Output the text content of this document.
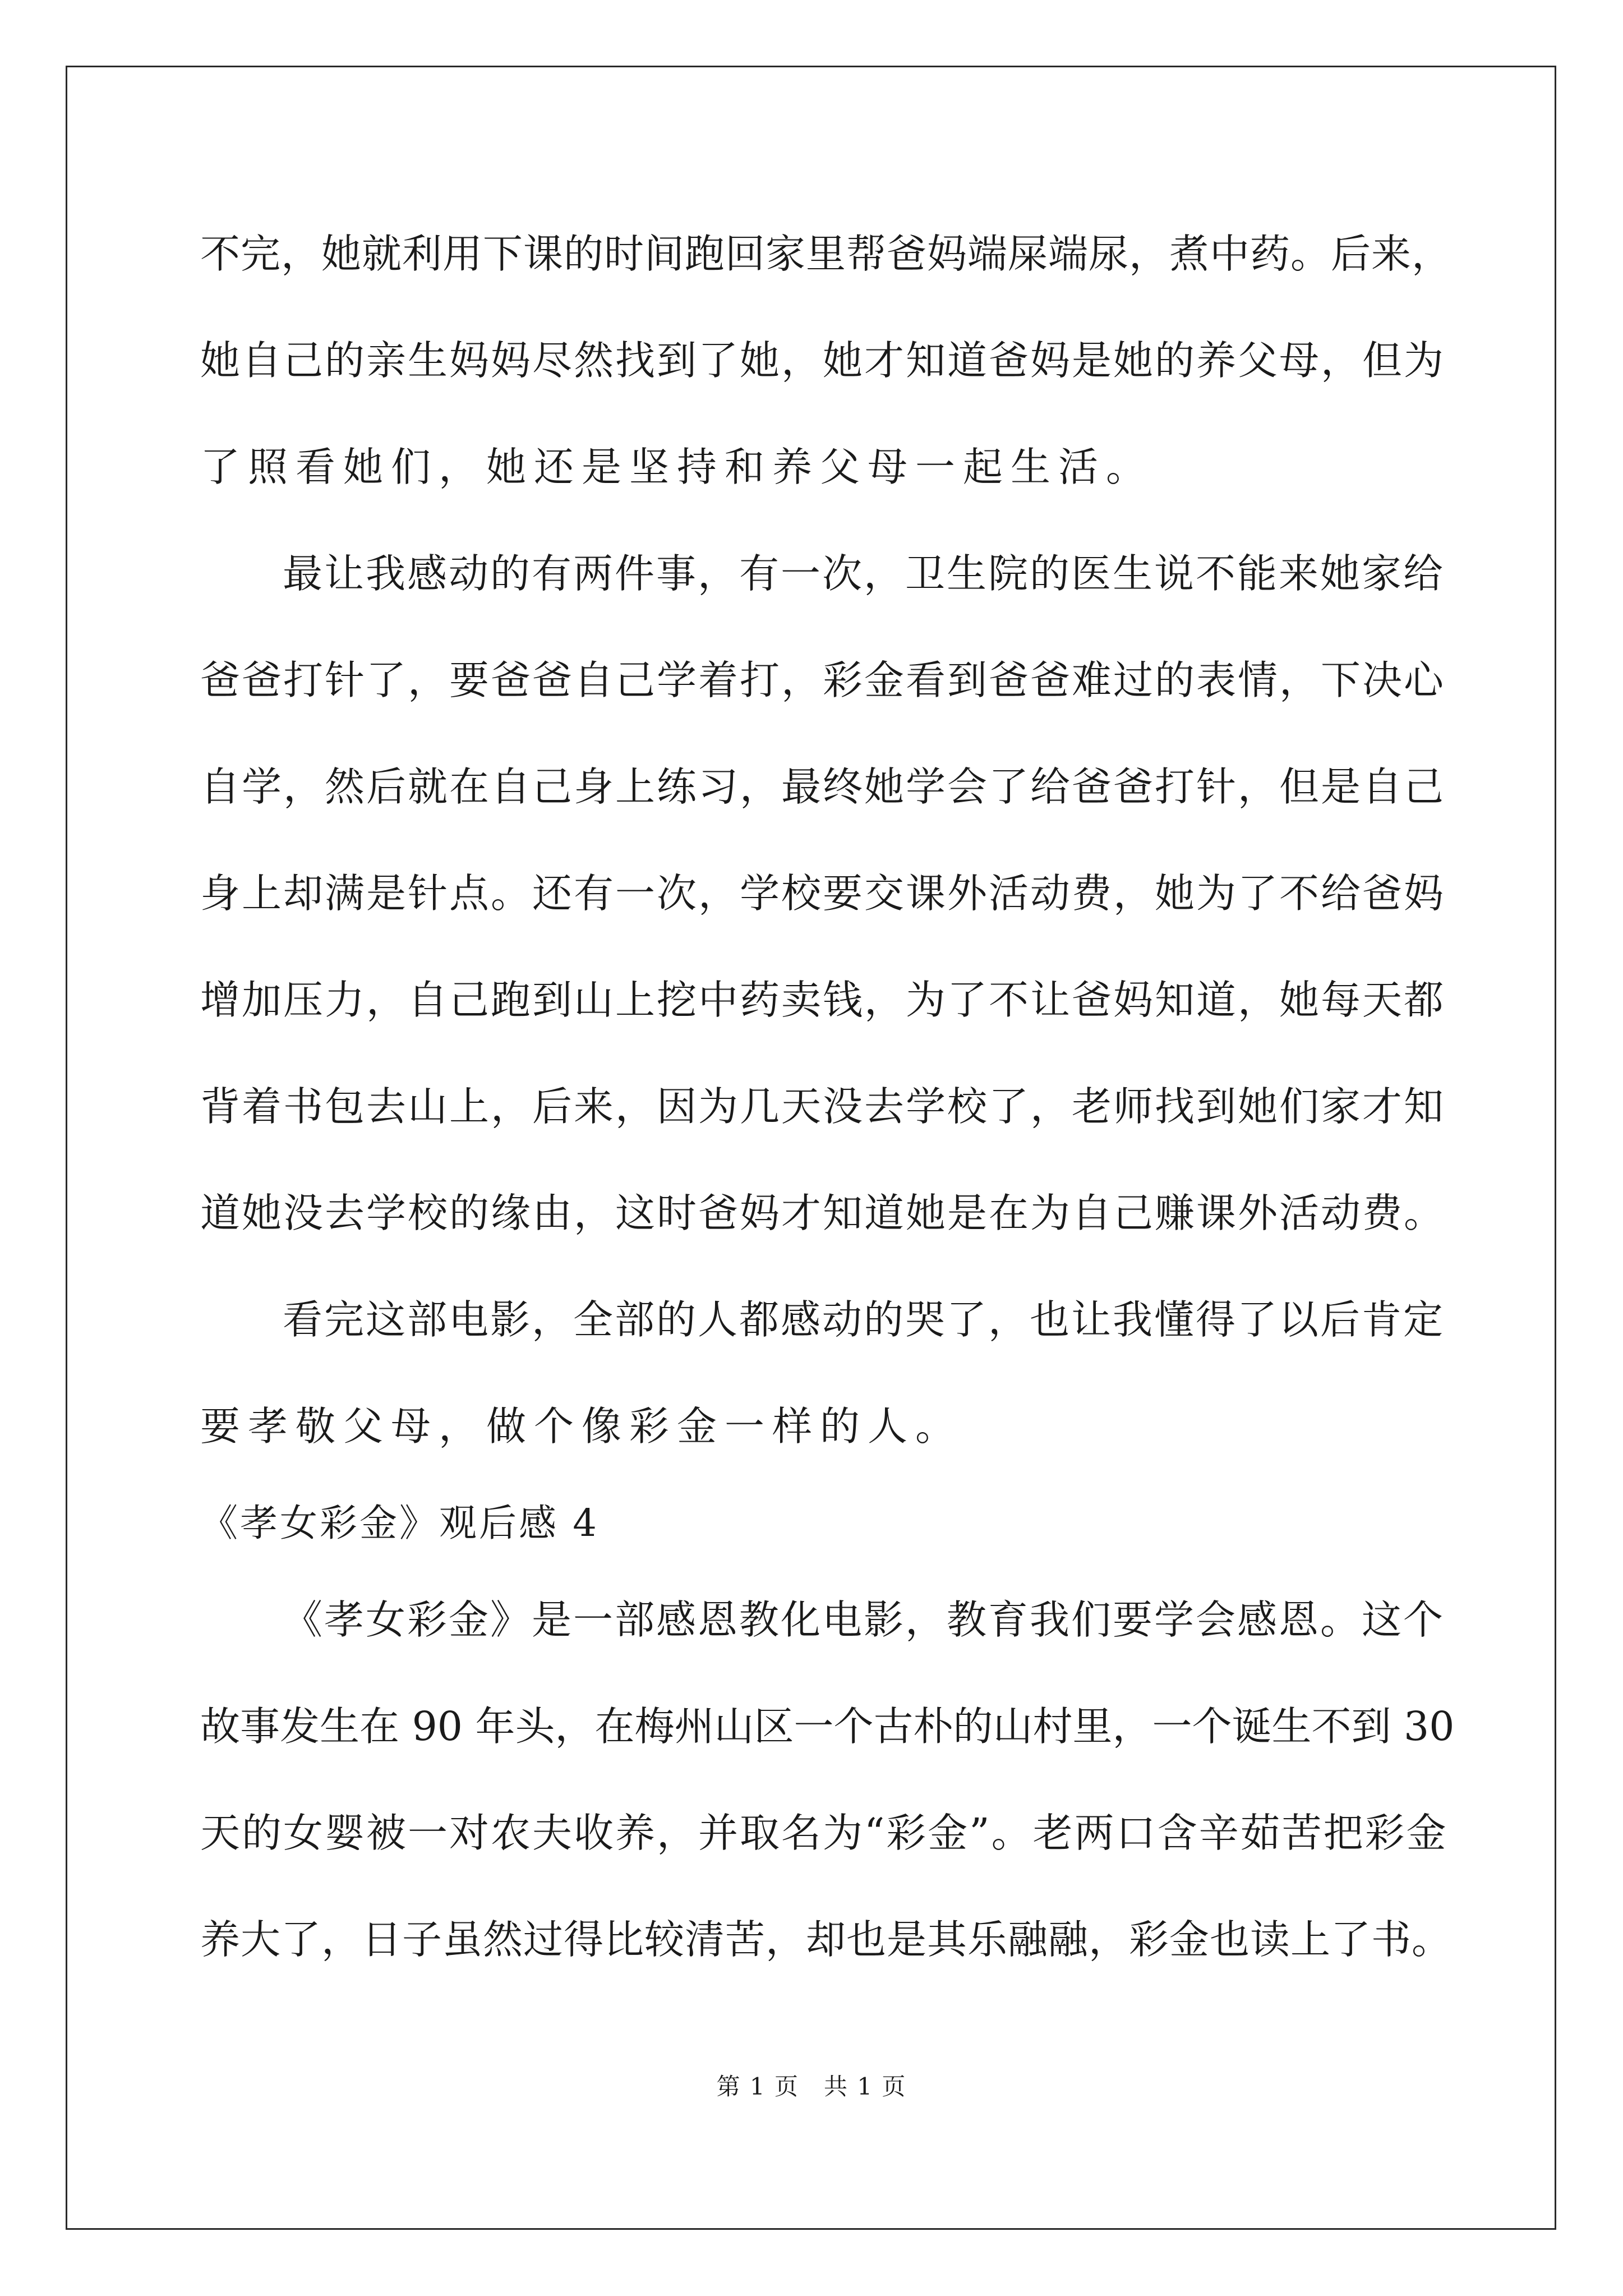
不完，她就利用下课的时间跑回家里帮爸妈端屎端尿，煮中药。后来，
她自己的亲生妈妈尽然找到了她，她才知道爸妈是她的养父母，但为
了照看她们，她还是坚持和养父母一起生活。
最让我感动的有两件事，有一次，卫生院的医生说不能来她家给
爸爸打针了，要爸爸自己学着打，彩金看到爸爸难过的表情，下决心
自学，然后就在自己身上练习，最终她学会了给爸爸打针，但是自己
身上却满是针点。还有一次，学校要交课外活动费，她为了不给爸妈
增加压力，自己跑到山上挖中药卖钱，为了不让爸妈知道，她每天都
背着书包去山上，后来，因为几天没去学校了，老师找到她们家才知
道她没去学校的缘由，这时爸妈才知道她是在为自己赚课外活动费。
看完这部电影，全部的人都感动的哭了，也让我懂得了以后肯定
要孝敬父母，做个像彩金一样的人。
《孝女彩金》观后感 4
《孝女彩金》是一部感恩教化电影，教育我们要学会感恩。这个
故事发生在 90 年头，在梅州山区一个古朴的山村里，一个诞生不到 30
天的女婴被一对农夫收养，并取名为“彩金”。老两口含辛茹苦把彩金
养大了，日子虽然过得比较清苦，却也是其乐融融，彩金也读上了书。
第 1 页　共 1 页
